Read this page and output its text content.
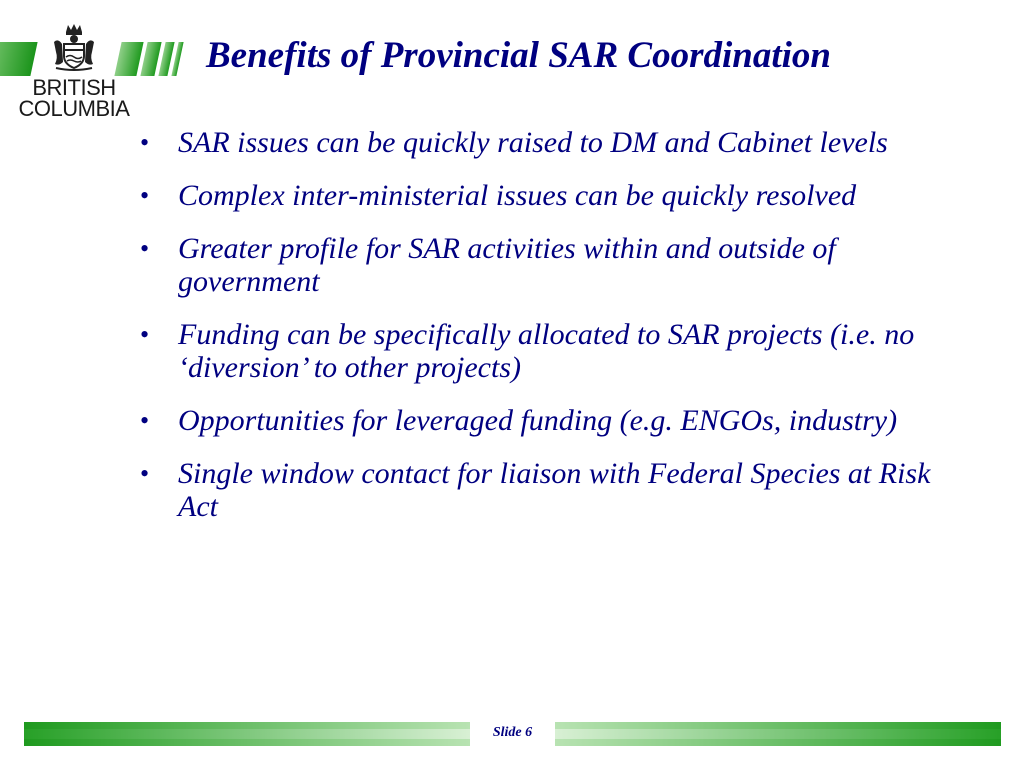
BRITISH
COLUMBIA
Benefits of Provincial SAR Coordination
• SAR issues can be quickly raised to DM and Cabinet levels
• Complex inter-ministerial issues can be quickly resolved
• Greater profile for SAR activities within and outside of government
• Funding can be specifically allocated to SAR projects (i.e. no ‘diversion’ to other projects)
• Opportunities for leveraged funding (e.g. ENGOs, industry)
• Single window contact for liaison with Federal Species at Risk Act
Slide 6
